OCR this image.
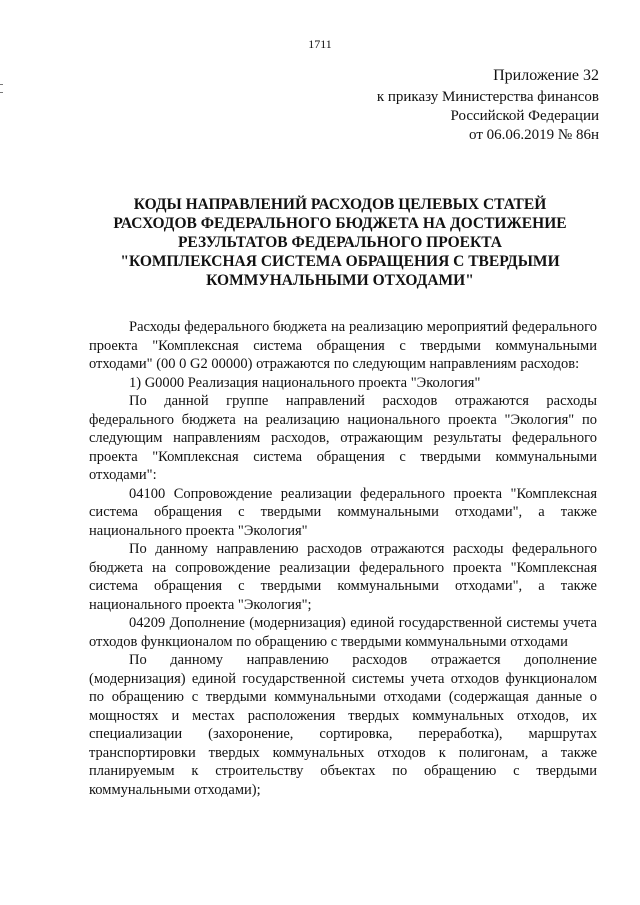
1711
Приложение 32
к приказу Министерства финансов
Российской Федерации
от 06.06.2019 № 86н
КОДЫ НАПРАВЛЕНИЙ РАСХОДОВ ЦЕЛЕВЫХ СТАТЕЙ
РАСХОДОВ ФЕДЕРАЛЬНОГО БЮДЖЕТА НА ДОСТИЖЕНИЕ
РЕЗУЛЬТАТОВ ФЕДЕРАЛЬНОГО ПРОЕКТА
"КОМПЛЕКСНАЯ СИСТЕМА ОБРАЩЕНИЯ С ТВЕРДЫМИ
КОММУНАЛЬНЫМИ ОТХОДАМИ"

Расходы федерального бюджета на реализацию мероприятий федерального проекта "Комплексная система обращения с твердыми коммунальными отходами" (00 0 G2 00000) отражаются по следующим направлениям расходов:

1) G0000 Реализация национального проекта "Экология"

По данной группе направлений расходов отражаются расходы федерального бюджета на реализацию национального проекта "Экология" по следующим направлениям расходов, отражающим результаты федерального проекта "Комплексная система обращения с твердыми коммунальными отходами":

04100 Сопровождение реализации федерального проекта "Комплексная система обращения с твердыми коммунальными отходами", а также национального проекта "Экология"

По данному направлению расходов отражаются расходы федерального бюджета на сопровождение реализации федерального проекта "Комплексная система обращения с твердыми коммунальными отходами", а также национального проекта "Экология";

04209 Дополнение (модернизация) единой государственной системы учета отходов функционалом по обращению с твердыми коммунальными отходами

По данному направлению расходов отражается дополнение (модернизация) единой государственной системы учета отходов функционалом по обращению с твердыми коммунальными отходами (содержащая данные о мощностях и местах расположения твердых коммунальных отходов, их специализации (захоронение, сортировка, переработка), маршрутах транспортировки твердых коммунальных отходов к полигонам, а также планируемым к строительству объектах по обращению с твердыми коммунальными отходами);
